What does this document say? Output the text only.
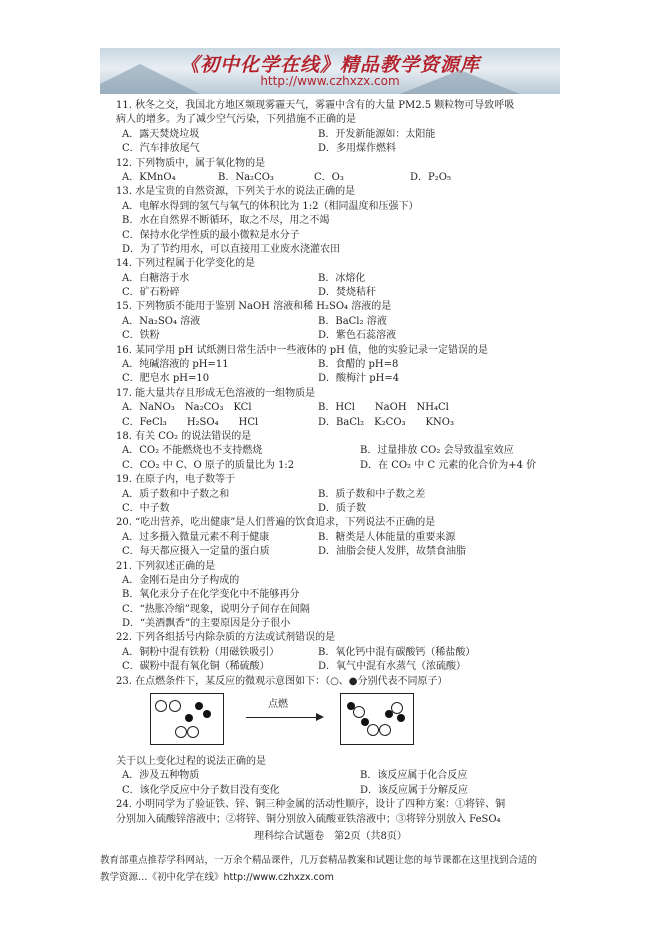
《初中化学在线》精品教学资源库
http://www.czhxzx.com
11. 秋冬之交，我国北方地区频现雾霾天气，雾霾中含有的大量 PM2.5 颗粒物可导致呼吸
病人的增多。为了减少空气污染，下列措施不正确的是
A．露天焚烧垃圾	B．开发新能源如：太阳能
C．汽车排放尾气	D．多用煤作燃料
12. 下列物质中，属于氧化物的是
A．KMnO₄	B．Na₂CO₃	C．O₃	D．P₂O₅
13. 水是宝贵的自然资源，下列关于水的说法正确的是
A．电解水得到的氢气与氧气的体积比为 1:2（相同温度和压强下）
B．水在自然界不断循环，取之不尽，用之不竭
C．保持水化学性质的最小微粒是水分子
D．为了节约用水，可以直接用工业废水浇灌农田
14. 下列过程属于化学变化的是
A．白糖溶于水	B．冰熔化
C．矿石粉碎	D．焚烧秸秆
15. 下列物质不能用于鉴别 NaOH 溶液和稀 H₂SO₄ 溶液的是
A．Na₂SO₄ 溶液	B．BaCl₂ 溶液
C．铁粉	D．紫色石蕊溶液
16. 某同学用 pH 试纸测日常生活中一些液体的 pH 值，他的实验记录一定错误的是
A．纯碱溶液的 pH=11	B．食醋的 pH=8
C．肥皂水 pH=10	D．酸梅汁 pH=4
17. 能大量共存且形成无色溶液的一组物质是
A．NaNO₃　Na₂CO₃　KCl	B．HCl　　NaOH　NH₄Cl
C．FeCl₃　　H₂SO₄　　HCl	D．BaCl₂　K₂CO₃　　KNO₃
18. 有关 CO₂ 的说法错误的是
A．CO₂ 不能燃烧也不支持燃烧	B．过量排放 CO₂ 会导致温室效应
C．CO₂ 中 C、O 原子的质量比为 1:2	D．在 CO₂ 中 C 元素的化合价为+4 价
19. 在原子内，电子数等于
A．质子数和中子数之和	B．质子数和中子数之差
C．中子数	D．质子数
20. “吃出营养，吃出健康”是人们普遍的饮食追求，下列说法不正确的是
A．过多摄入微量元素不利于健康	B．糖类是人体能量的重要来源
C．每天都应摄入一定量的蛋白质	D．油脂会使人发胖，故禁食油脂
21. 下列叙述正确的是
A．金刚石是由分子构成的
B．氧化汞分子在化学变化中不能够再分
C．“热胀冷缩”现象，说明分子间存在间隔
D．“美酒飘香”的主要原因是分子很小
22. 下列各组括号内除杂质的方法或试剂错误的是
A．铜粉中混有铁粉（用磁铁吸引）	B．氧化钙中混有碳酸钙（稀盐酸）
C．碳粉中混有氧化铜（稀硫酸）	D．氧气中混有水蒸气（浓硫酸）
23. 在点燃条件下，某反应的微观示意图如下：（○、●分别代表不同原子）
点燃
关于以上变化过程的说法正确的是
A．涉及五种物质	B．该反应属于化合反应
C．该化学反应中分子数目没有变化	D．该反应属于分解反应
24. 小明同学为了验证铁、锌、铜三种金属的活动性顺序，设计了四种方案：①将锌、铜
分别加入硫酸锌溶液中；②将锌、铜分别放入硫酸亚铁溶液中；③将锌分别放入 FeSO₄
理科综合试题卷　第2页（共8页）
教育部重点推荐学科网站，一万余个精品课件，几万套精品教案和试题让您的每节课都在这里找到合适的
教学资源…《初中化学在线》http://www.czhxzx.com
